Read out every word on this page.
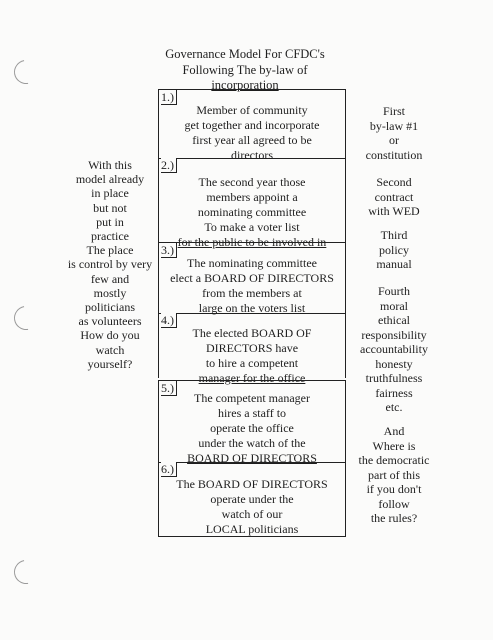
Governance Model For CFDC's
Following The by-law of
incorporation
1.)
Member of community
get together and incorporate
first year all agreed to be
directors
2.)
The second year those
members appoint a
nominating committee
To make a voter list
for the public to be involved in
3.)
The nominating committee
elect a BOARD OF DIRECTORS
from the members at
large on the voters list
4.)
The elected BOARD OF
DIRECTORS have
to hire a competent
manager for the office
5.)
The competent manager
hires a staff to
operate the office
under the watch of the
BOARD OF DIRECTORS
6.)
The BOARD OF DIRECTORS
operate under the
watch of our
LOCAL politicians
With this
model already
in place
but not
put in
practice
The place
is control by very
few and
mostly
politicians
as volunteers
How do you
watch
yourself?
First
by-law #1
or
constitution
Second
contract
with WED
Third
policy
manual
Fourth
moral
ethical
responsibility
accountability
honesty
truthfulness
fairness
etc.
And
Where is
the democratic
part of this
if you don't
follow
the rules?
